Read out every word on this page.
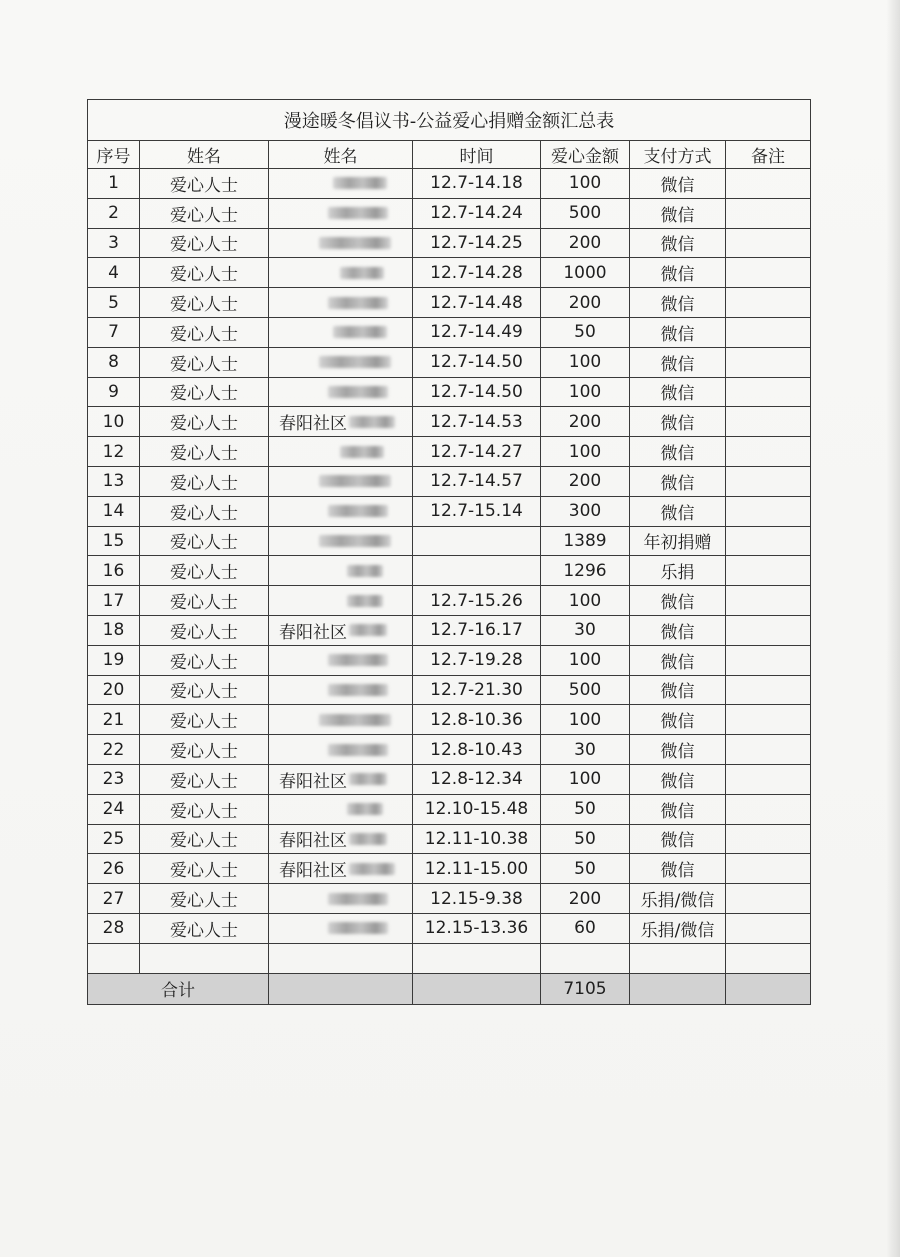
漫途暖冬倡议书-公益爱心捐赠金额汇总表						
序号	姓名	姓名	时间	爱心金额	支付方式	备注
1	爱心人士		12.7-14.18	100	微信	
2	爱心人士		12.7-14.24	500	微信	
3	爱心人士		12.7-14.25	200	微信	
4	爱心人士		12.7-14.28	1000	微信	
5	爱心人士		12.7-14.48	200	微信	
7	爱心人士		12.7-14.49	50	微信	
8	爱心人士		12.7-14.50	100	微信	
9	爱心人士		12.7-14.50	100	微信	
10	爱心人士	春阳社区	12.7-14.53	200	微信	
12	爱心人士		12.7-14.27	100	微信	
13	爱心人士		12.7-14.57	200	微信	
14	爱心人士		12.7-15.14	300	微信	
15	爱心人士			1389	年初捐赠	
16	爱心人士			1296	乐捐	
17	爱心人士		12.7-15.26	100	微信	
18	爱心人士	春阳社区	12.7-16.17	30	微信	
19	爱心人士		12.7-19.28	100	微信	
20	爱心人士		12.7-21.30	500	微信	
21	爱心人士		12.8-10.36	100	微信	
22	爱心人士		12.8-10.43	30	微信	
23	爱心人士	春阳社区	12.8-12.34	100	微信	
24	爱心人士		12.10-15.48	50	微信	
25	爱心人士	春阳社区	12.11-10.38	50	微信	
26	爱心人士	春阳社区	12.11-15.00	50	微信	
27	爱心人士		12.15-9.38	200	乐捐/微信	
28	爱心人士		12.15-13.36	60	乐捐/微信	

合计				7105		
